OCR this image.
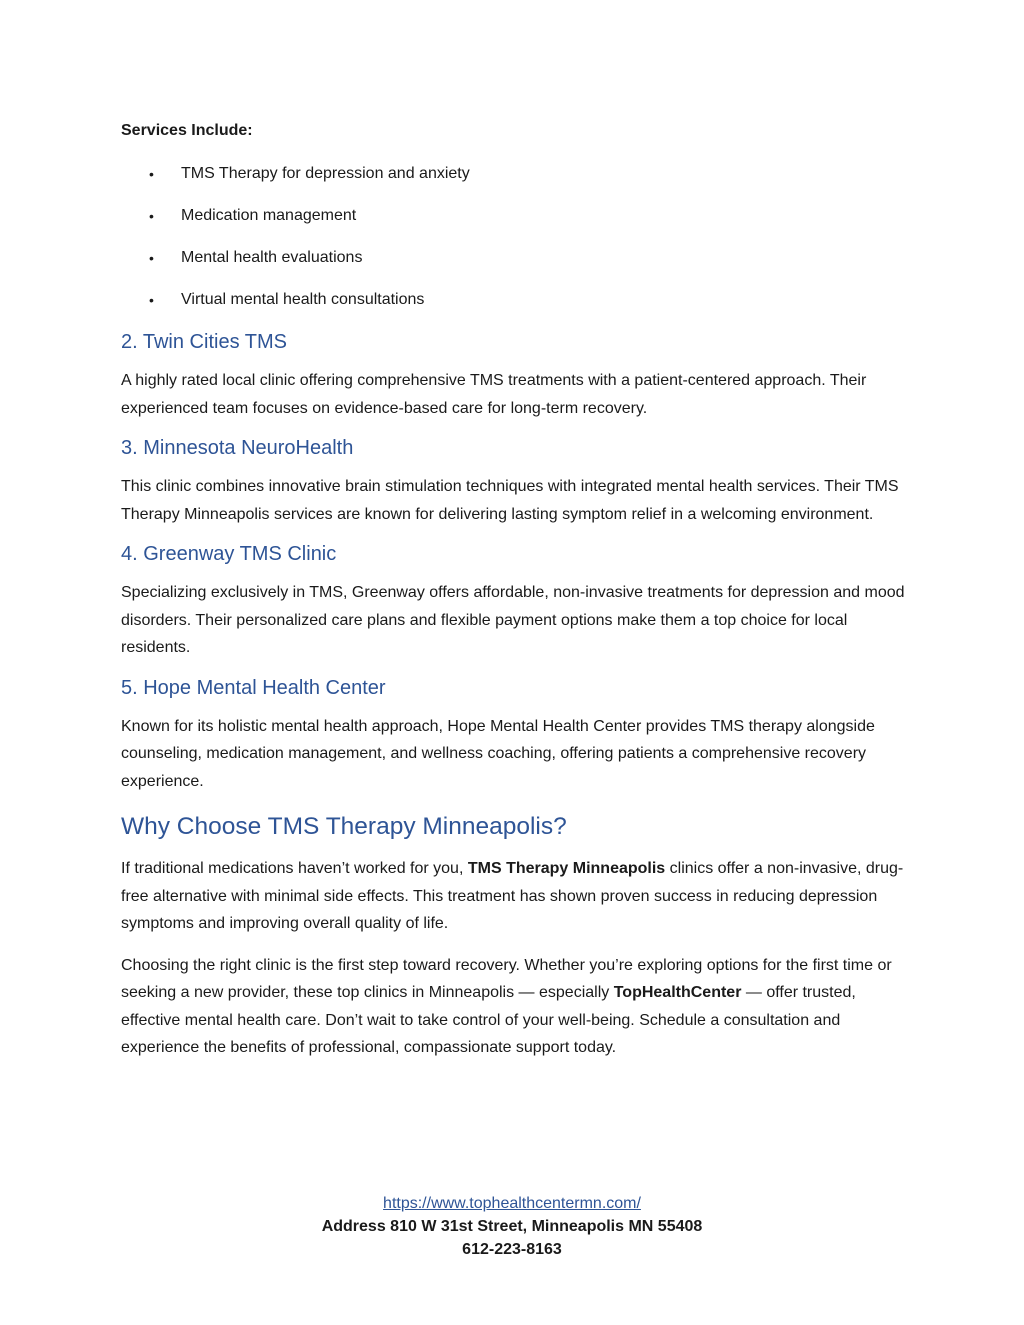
Services Include:
• TMS Therapy for depression and anxiety
• Medication management
• Mental health evaluations
• Virtual mental health consultations
2. Twin Cities TMS

A highly rated local clinic offering comprehensive TMS treatments with a patient-centered approach. Their experienced team focuses on evidence-based care for long-term recovery.

3. Minnesota NeuroHealth

This clinic combines innovative brain stimulation techniques with integrated mental health services. Their TMS Therapy Minneapolis services are known for delivering lasting symptom relief in a welcoming environment.

4. Greenway TMS Clinic

Specializing exclusively in TMS, Greenway offers affordable, non-invasive treatments for depression and mood disorders. Their personalized care plans and flexible payment options make them a top choice for local residents.

5. Hope Mental Health Center

Known for its holistic mental health approach, Hope Mental Health Center provides TMS therapy alongside counseling, medication management, and wellness coaching, offering patients a comprehensive recovery experience.

Why Choose TMS Therapy Minneapolis?

If traditional medications haven’t worked for you, TMS Therapy Minneapolis clinics offer a non-invasive, drug-free alternative with minimal side effects. This treatment has shown proven success in reducing depression symptoms and improving overall quality of life.

Choosing the right clinic is the first step toward recovery. Whether you’re exploring options for the first time or seeking a new provider, these top clinics in Minneapolis — especially TopHealthCenter — offer trusted, effective mental health care. Don’t wait to take control of your well-being. Schedule a consultation and experience the benefits of professional, compassionate support today.

https://www.tophealthcentermn.com/
Address 810 W 31st Street, Minneapolis MN 55408
612-223-8163
